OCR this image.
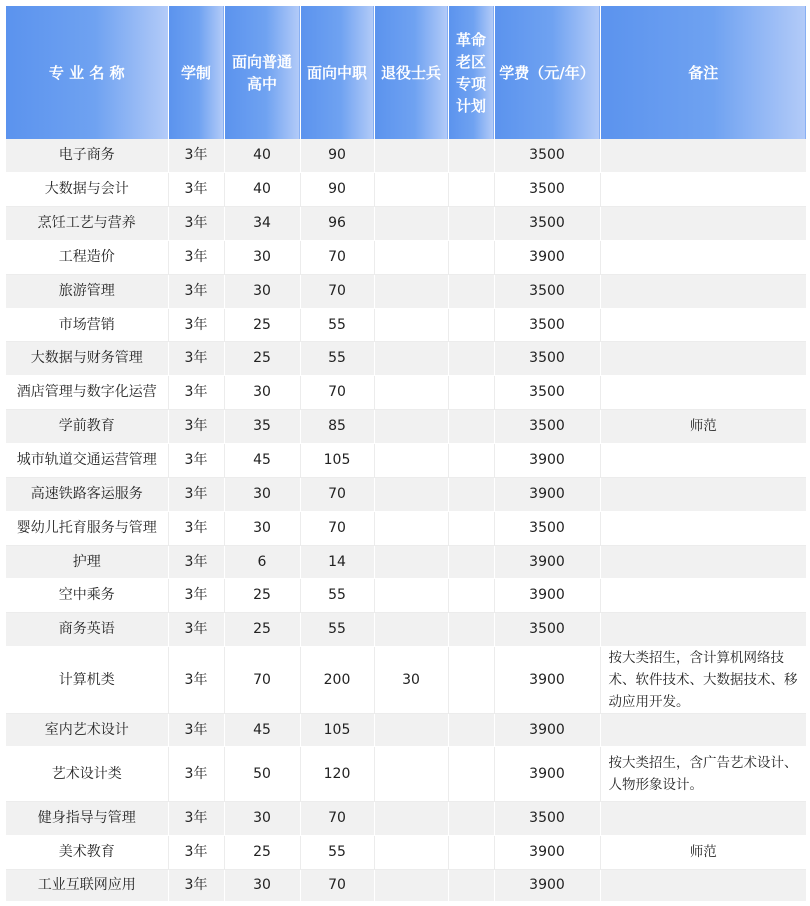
专 业 名 称	学制	面向普通高中	面向中职	退役士兵	革命老区专项计划	学费（元/年）	备注
电子商务	3年	40	90			3500	
大数据与会计	3年	40	90			3500	
烹饪工艺与营养	3年	34	96			3500	
工程造价	3年	30	70			3900	
旅游管理	3年	30	70			3500	
市场营销	3年	25	55			3500	
大数据与财务管理	3年	25	55			3500	
酒店管理与数字化运营	3年	30	70			3500	
学前教育	3年	35	85			3500	师范
城市轨道交通运营管理	3年	45	105			3900	
高速铁路客运服务	3年	30	70			3900	
婴幼儿托育服务与管理	3年	30	70			3500	
护理	3年	6	14			3900	
空中乘务	3年	25	55			3900	
商务英语	3年	25	55			3500	
计算机类	3年	70	200	30		3900	按大类招生，含计算机网络技术、软件技术、大数据技术、移动应用开发。
室内艺术设计	3年	45	105			3900	
艺术设计类	3年	50	120			3900	按大类招生，含广告艺术设计、人物形象设计。
健身指导与管理	3年	30	70			3500	
美术教育	3年	25	55			3900	师范
工业互联网应用	3年	30	70			3900	
